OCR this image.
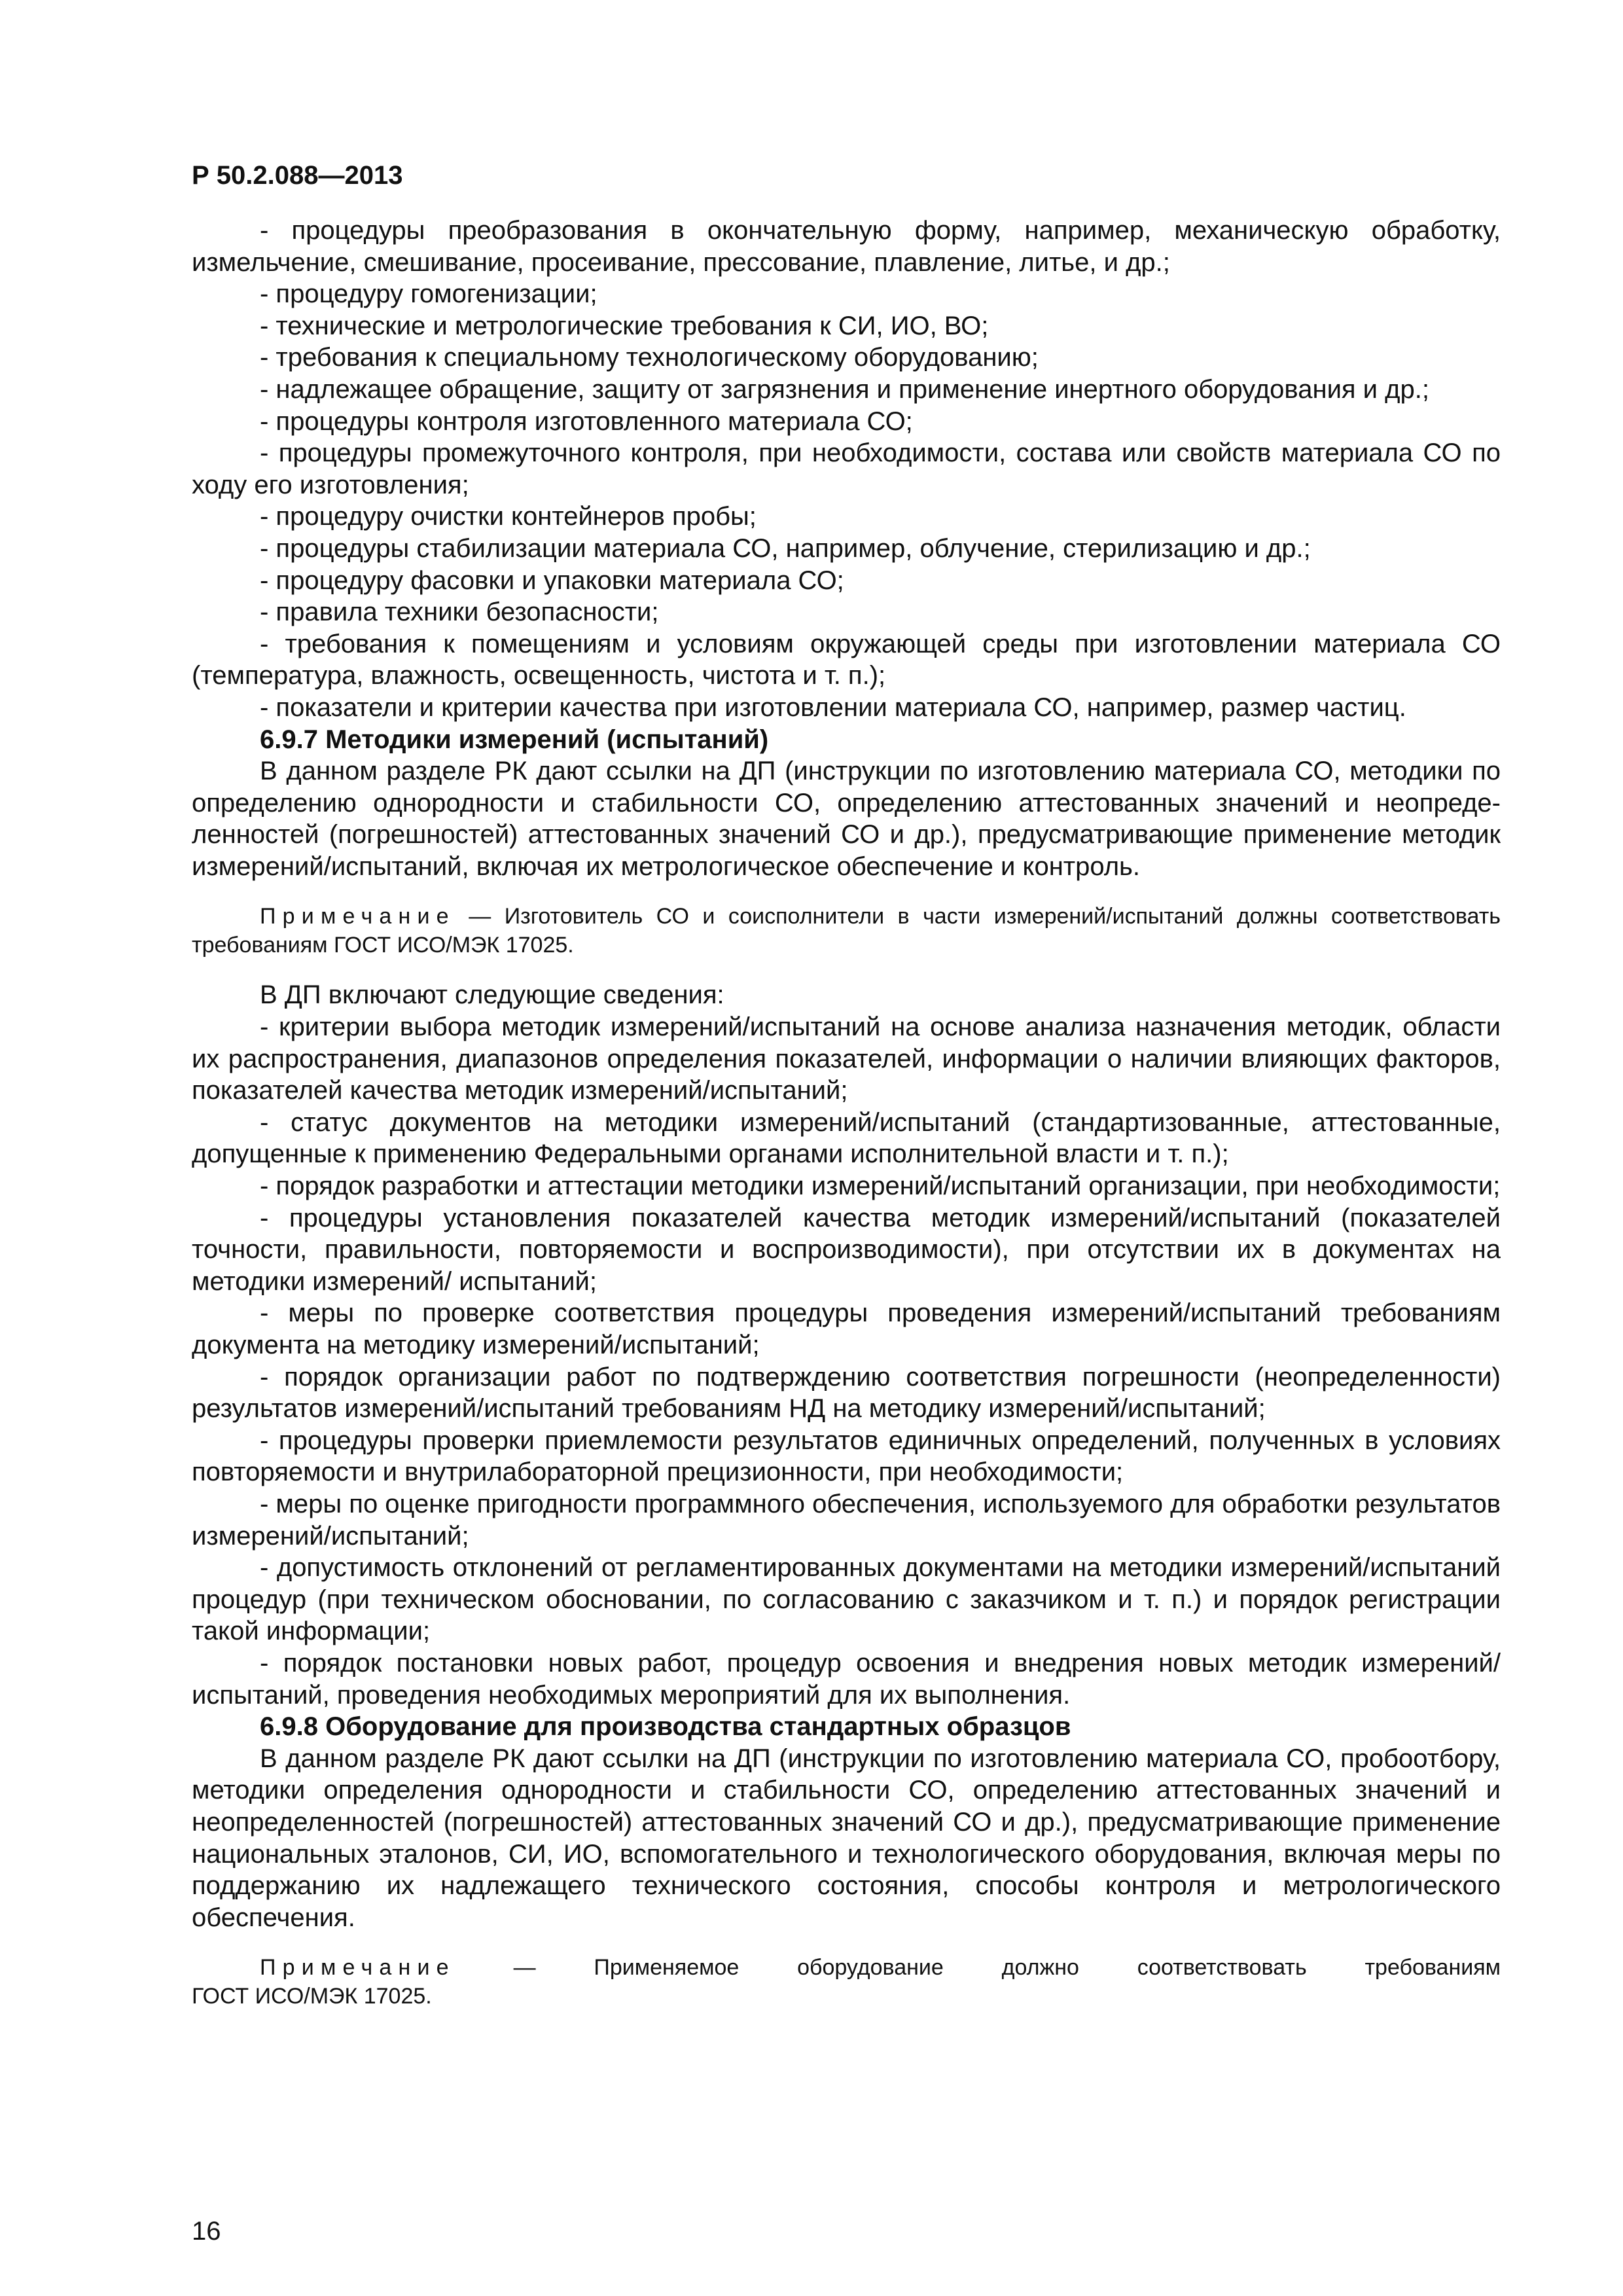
Р 50.2.088—2013

- процедуры преобразования в окончательную форму, например, механическую обработку, измельчение, смешивание, просеивание, прессование, плавление, литье, и др.;

- процедуру гомогенизации;

- технические и метрологические требования к СИ, ИО, ВО;

- требования к специальному технологическому оборудованию;

- надлежащее обращение, защиту от загрязнения и применение инертного оборудования и др.;

- процедуры контроля изготовленного материала СО;

- процедуры промежуточного контроля, при необходимости, состава или свойств материала СО по ходу его изготовления;

- процедуру очистки контейнеров пробы;

- процедуры стабилизации материала СО, например, облучение, стерилизацию и др.;

- процедуру фасовки и упаковки материала СО;

- правила техники безопасности;

- требования к помещениям и условиям окружающей среды при изготовлении материала СО (температура, влажность, освещенность, чистота и т. п.);

- показатели и критерии качества при изготовлении материала СО, например, размер частиц.

6.9.7 Методики измерений (испытаний)

В данном разделе РК дают ссылки на ДП (инструкции по изготовлению материала СО, методики по определению однородности и стабильности СО, определению аттестованных значений и неопределенностей (погрешностей) аттестованных значений СО и др.), предусматривающие применение методик измерений/испытаний, включая их метрологическое обеспечение и контроль.

Примечание — Изготовитель СО и соисполнители в части измерений/испытаний должны соответствовать требованиям ГОСТ ИСО/МЭК 17025.

В ДП включают следующие сведения:

- критерии выбора методик измерений/испытаний на основе анализа назначения методик, области их распространения, диапазонов определения показателей, информации о наличии влияющих факторов, показателей качества методик измерений/испытаний;

- статус документов на методики измерений/испытаний (стандартизованные, аттестованные, допущенные к применению Федеральными органами исполнительной власти и т. п.);

- порядок разработки и аттестации методики измерений/испытаний организации, при необходимости;

- процедуры установления показателей качества методик измерений/испытаний (показателей точности, правильности, повторяемости и воспроизводимости), при отсутствии их в документах на методики измерений/ испытаний;

- меры по проверке соответствия процедуры проведения измерений/испытаний требованиям документа на методику измерений/испытаний;

- порядок организации работ по подтверждению соответствия погрешности (неопределенности) результатов измерений/испытаний требованиям НД на методику измерений/испытаний;

- процедуры проверки приемлемости результатов единичных определений, полученных в условиях повторяемости и внутрилабораторной прецизионности, при необходимости;

- меры по оценке пригодности программного обеспечения, используемого для обработки результатов измерений/испытаний;

- допустимость отклонений от регламентированных документами на методики измерений/испытаний процедур (при техническом обосновании, по согласованию с заказчиком и т. п.) и порядок регистрации такой информации;

- порядок постановки новых работ, процедур освоения и внедрения новых методик измерений/испытаний, проведения необходимых мероприятий для их выполнения.

6.9.8 Оборудование для производства стандартных образцов

В данном разделе РК дают ссылки на ДП (инструкции по изготовлению материала СО, пробоотбору, методики определения однородности и стабильности СО, определению аттестованных значений и неопределенностей (погрешностей) аттестованных значений СО и др.), предусматривающие применение национальных эталонов, СИ, ИО, вспомогательного и технологического оборудования, включая меры по поддержанию их надлежащего технического состояния, способы контроля и метрологического обеспечения.

Примечание — Применяемое оборудование должно соответствовать требованиям

ГОСТ ИСО/МЭК 17025.

16
